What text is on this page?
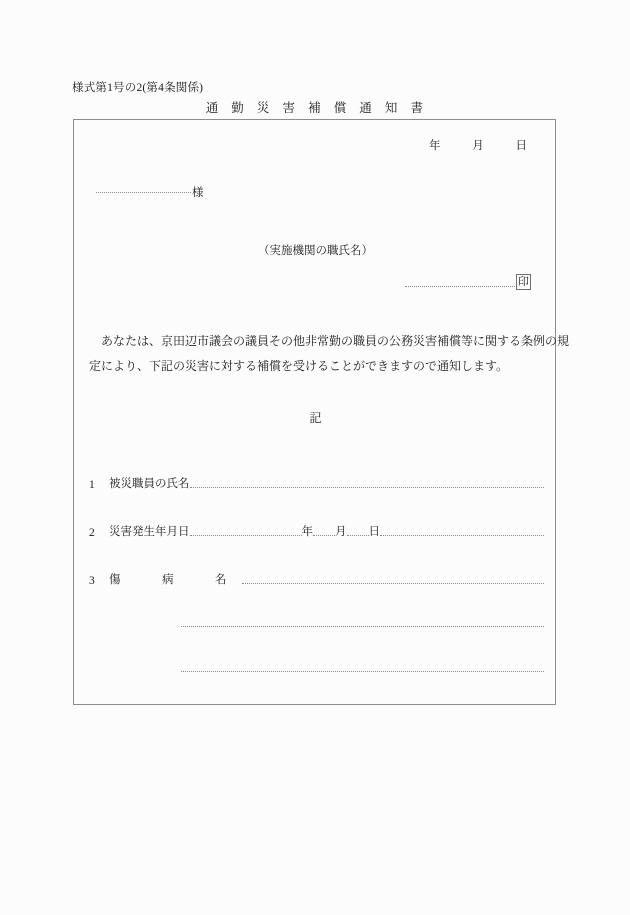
様式第1号の2(第4条関係)
通　勤　災　害　補　償　通　知　書
年	月	日
様
（実施機関の職氏名）
印
あなたは、京田辺市議会の議員その他非常勤の職員の公務災害補償等に関する条例の規
定により、下記の災害に対する補償を受けることができますので通知します。
記
1	被災職員の氏名
2	災害発生年月日	年 月 日
3	傷　病　名
